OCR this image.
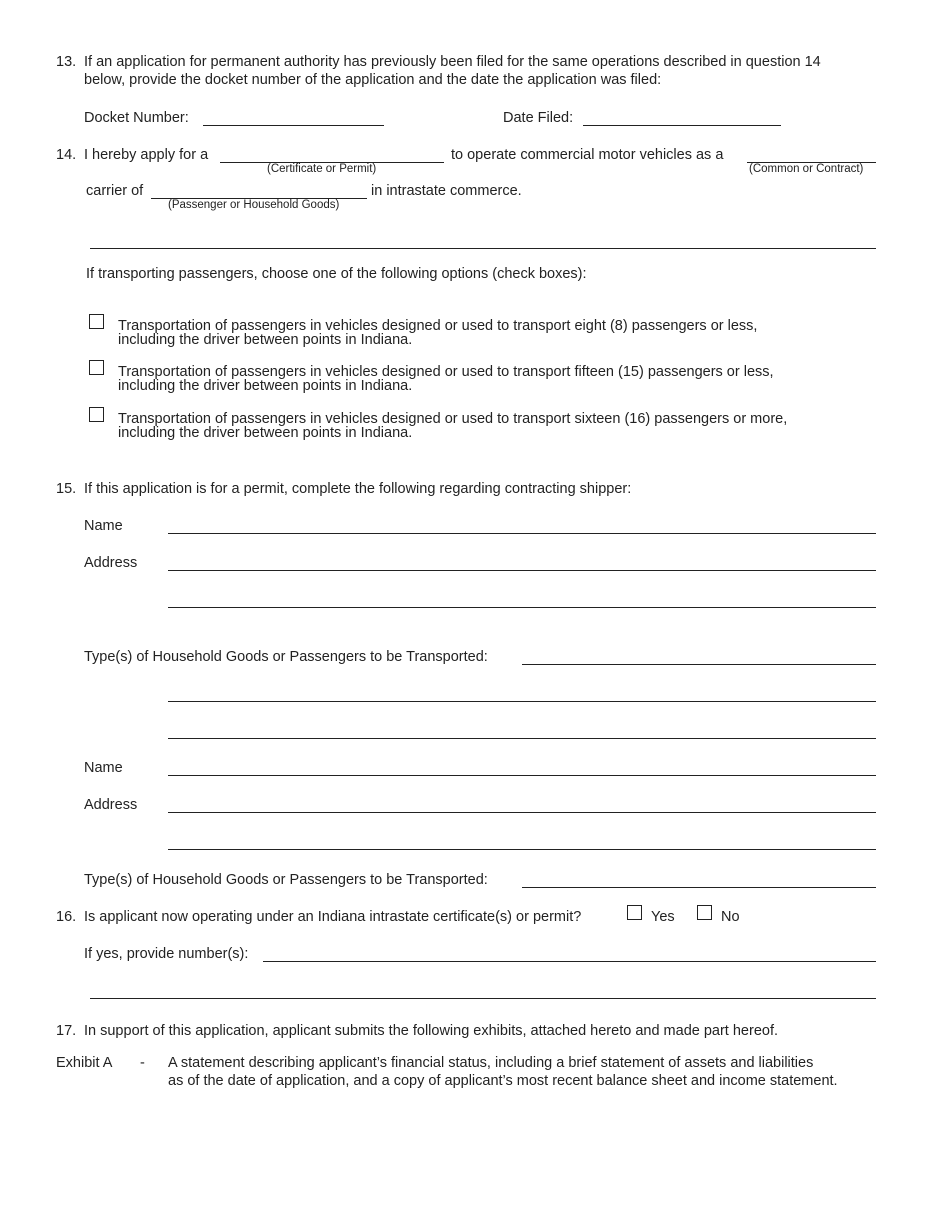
13. If an application for permanent authority has previously been filed for the same operations described in question 14
below, provide the docket number of the application and the date the application was filed:
Docket Number:	Date Filed:
14. I hereby apply for a
(Certificate or Permit)
to operate commercial motor vehicles as a
(Common or Contract)
carrier of
(Passenger or Household Goods)
in intrastate commerce.
If transporting passengers, choose one of the following options (check boxes):
Transportation of passengers in vehicles designed or used to transport eight (8) passengers or less,
including the driver between points in Indiana.
Transportation of passengers in vehicles designed or used to transport fifteen (15) passengers or less,
including the driver between points in Indiana.
Transportation of passengers in vehicles designed or used to transport sixteen (16) passengers or more,
including the driver between points in Indiana.
15. If this application is for a permit, complete the following regarding contracting shipper:
Name
Address
Type(s) of Household Goods or Passengers to be Transported:
Name
Address
Type(s) of Household Goods or Passengers to be Transported:
16. Is applicant now operating under an Indiana intrastate certificate(s) or permit?	Yes	No
If yes, provide number(s):
17. In support of this application, applicant submits the following exhibits, attached hereto and made part hereof.
Exhibit A - A statement describing applicant’s financial status, including a brief statement of assets and liabilities
as of the date of application, and a copy of applicant’s most recent balance sheet and income statement.
